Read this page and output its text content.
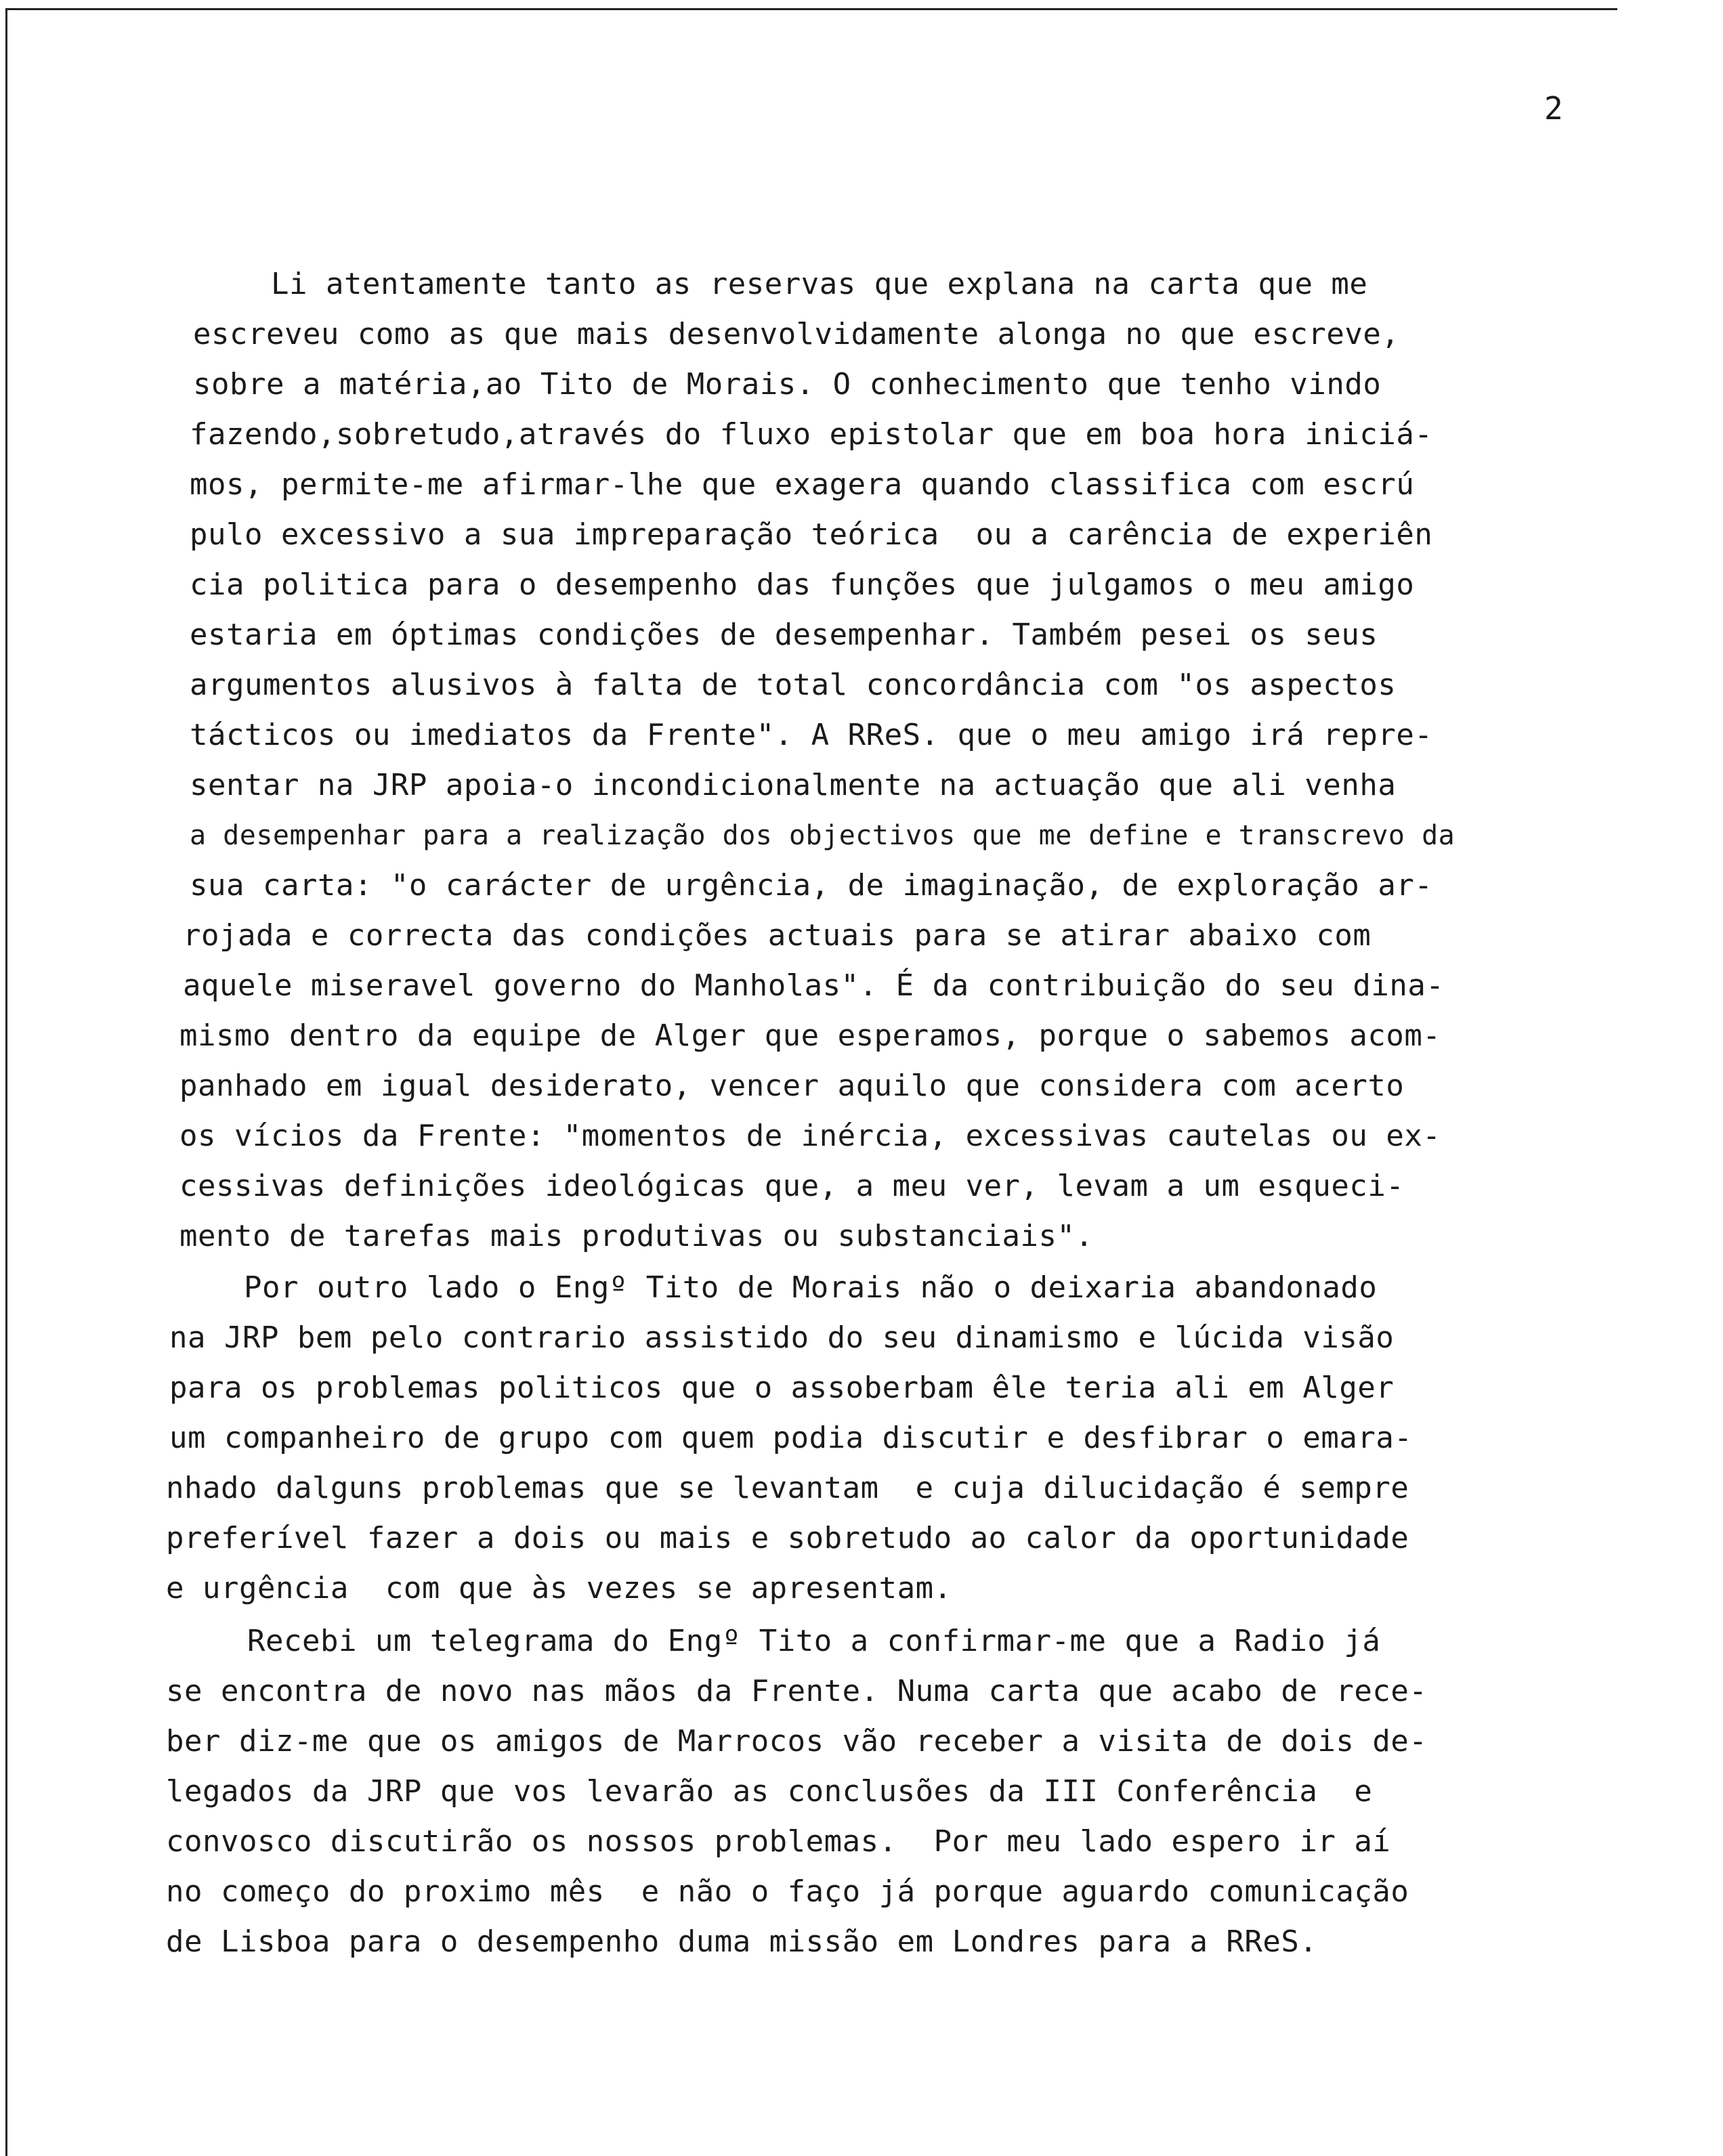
2
Li atentamente tanto as reservas que explana na carta que me
escreveu como as que mais desenvolvidamente alonga no que escreve,
sobre a matéria,ao Tito de Morais. O conhecimento que tenho vindo
fazendo,sobretudo,através do fluxo epistolar que em boa hora iniciá-
mos, permite-me afirmar-lhe que exagera quando classifica com escrú
pulo excessivo a sua impreparação teórica  ou a carência de experiên
cia politica para o desempenho das funções que julgamos o meu amigo
estaria em óptimas condições de desempenhar. Também pesei os seus
argumentos alusivos à falta de total concordância com "os aspectos
tácticos ou imediatos da Frente". A RReS. que o meu amigo irá repre-
sentar na JRP apoia-o incondicionalmente na actuação que ali venha
a desempenhar para a realização dos objectivos que me define e transcrevo da
sua carta: "o carácter de urgência, de imaginação, de exploração ar-
rojada e correcta das condições actuais para se atirar abaixo com
aquele miseravel governo do Manholas". É da contribuição do seu dina-
mismo dentro da equipe de Alger que esperamos, porque o sabemos acom-
panhado em igual desiderato, vencer aquilo que considera com acerto
os vícios da Frente: "momentos de inércia, excessivas cautelas ou ex-
cessivas definições ideológicas que, a meu ver, levam a um esqueci-
mento de tarefas mais produtivas ou substanciais".
Por outro lado o Engº Tito de Morais não o deixaria abandonado
na JRP bem pelo contrario assistido do seu dinamismo e lúcida visão
para os problemas politicos que o assoberbam êle teria ali em Alger
um companheiro de grupo com quem podia discutir e desfibrar o emara-
nhado dalguns problemas que se levantam  e cuja dilucidação é sempre
preferível fazer a dois ou mais e sobretudo ao calor da oportunidade
e urgência  com que às vezes se apresentam.
Recebi um telegrama do Engº Tito a confirmar-me que a Radio já
se encontra de novo nas mãos da Frente. Numa carta que acabo de rece-
ber diz-me que os amigos de Marrocos vão receber a visita de dois de-
legados da JRP que vos levarão as conclusões da III Conferência  e
convosco discutirão os nossos problemas.  Por meu lado espero ir aí
no começo do proximo mês  e não o faço já porque aguardo comunicação
de Lisboa para o desempenho duma missão em Londres para a RReS.
